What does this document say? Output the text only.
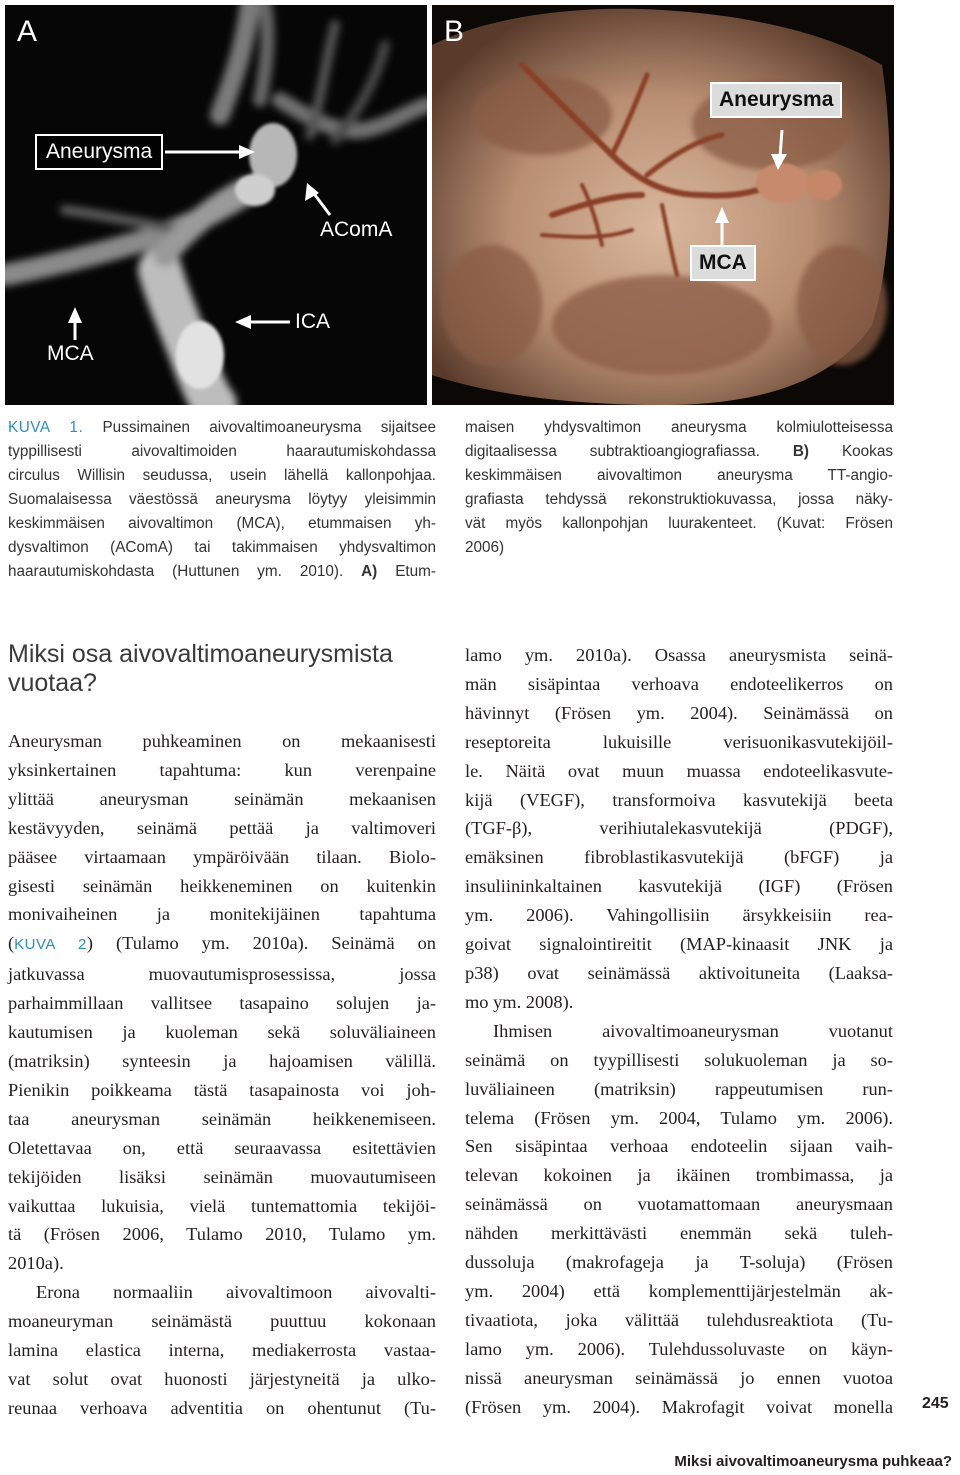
A
Aneurysma
AComA
ICA
MCA
B
Aneurysma
MCA
KUVA 1. Pussimainen aivovaltimoaneurysma sijaitsee
typpillisesti aivovaltimoiden haarautumiskohdassa
circulus Willisin seudussa, usein lähellä kallonpohjaa.
Suomalaisessa väestössä aneurysma löytyy yleisimmin
keskimmäisen aivovaltimon (MCA), etummaisen yh-
dysvaltimon (AComA) tai takimmaisen yhdysvaltimon
haarautumiskohdasta (Huttunen ym. 2010). A) Etum-
maisen yhdysvaltimon aneurysma kolmiulotteisessa
digitaalisessa subtraktioangiografiassa. B) Kookas
keskimmäisen aivovaltimon aneurysma TT-angio-
grafiasta tehdyssä rekonstruktiokuvassa, jossa näky-
vät myös kallonpohjan luurakenteet. (Kuvat: Frösen
2006)
Miksi osa aivovaltimoaneurysmista
vuotaa?
Aneurysman puhkeaminen on mekaanisesti
yksinkertainen tapahtuma: kun verenpaine
ylittää aneurysman seinämän mekaanisen
kestävyyden, seinämä pettää ja valtimoveri
pääsee virtaamaan ympäröivään tilaan. Biolo-
gisesti seinämän heikkeneminen on kuitenkin
monivaiheinen ja monitekijäinen tapahtuma
(KUVA 2) (Tulamo ym. 2010a). Seinämä on
jatkuvassa muovautumisprosessissa, jossa
parhaimmillaan vallitsee tasapaino solujen ja-
kautumisen ja kuoleman sekä soluväliaineen
(matriksin) synteesin ja hajoamisen välillä.
Pienikin poikkeama tästä tasapainosta voi joh-
taa aneurysman seinämän heikkenemiseen.
Oletettavaa on, että seuraavassa esitettävien
tekijöiden lisäksi seinämän muovautumiseen
vaikuttaa lukuisia, vielä tuntemattomia tekijöi-
tä (Frösen 2006, Tulamo 2010, Tulamo ym.
2010a).
Erona normaaliin aivovaltimoon aivovalti-
moaneuryman seinämästä puuttuu kokonaan
lamina elastica interna, mediakerrosta vastaa-
vat solut ovat huonosti järjestyneitä ja ulko-
reunaa verhoava adventitia on ohentunut (Tu-
lamo ym. 2010a). Osassa aneurysmista seinä-
män sisäpintaa verhoava endoteelikerros on
hävinnyt (Frösen ym. 2004). Seinämässä on
reseptoreita lukuisille verisuonikasvutekijöil-
le. Näitä ovat muun muassa endoteelikasvute-
kijä (VEGF), transformoiva kasvutekijä beeta
(TGF-β), verihiutalekasvutekijä (PDGF),
emäksinen fibroblastikasvutekijä (bFGF) ja
insuliininkaltainen kasvutekijä (IGF) (Frösen
ym. 2006). Vahingollisiin ärsykkeisiin rea-
goivat signalointireitit (MAP-kinaasit JNK ja
p38) ovat seinämässä aktivoituneita (Laaksa-
mo ym. 2008).
Ihmisen aivovaltimoaneurysman vuotanut
seinämä on tyypillisesti solukuoleman ja so-
luväliaineen (matriksin) rappeutumisen run-
telema (Frösen ym. 2004, Tulamo ym. 2006).
Sen sisäpintaa verhoaa endoteelin sijaan vaih-
televan kokoinen ja ikäinen trombimassa, ja
seinämässä on vuotamattomaan aneurysmaan
nähden merkittävästi enemmän sekä tuleh-
dussoluja (makrofageja ja T-soluja) (Frösen
ym. 2004) että komplementtijärjestelmän ak-
tivaatiota, joka välittää tulehdusreaktiota (Tu-
lamo ym. 2006). Tulehdussoluvaste on käyn-
nissä aneurysman seinämässä jo ennen vuotoa
(Frösen ym. 2004). Makrofagit voivat monella 245
Miksi aivovaltimoaneurysma puhkeaa?
